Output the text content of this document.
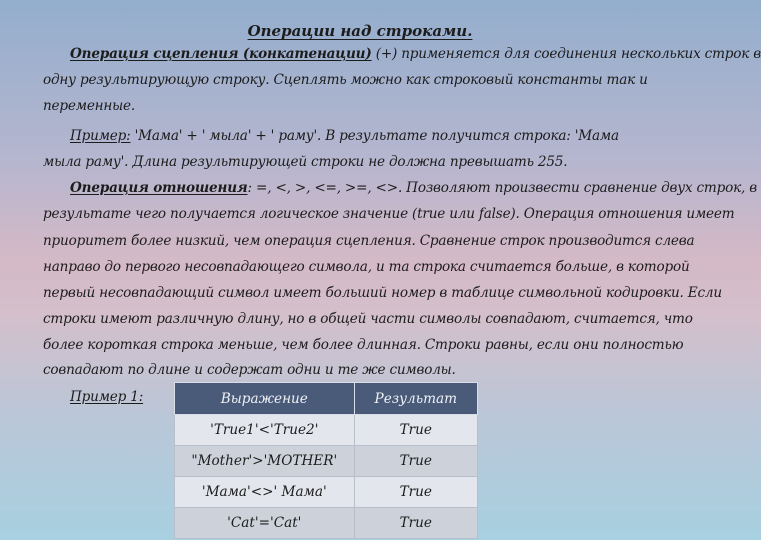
Операции над строками.
Операция сцепления (конкатенации) (+) применяется для соединения нескольких строк в
одну результирующую строку. Сцеплять можно как строковый константы так и
переменные.
Пример: 'Мама' + ' мыла' + ' раму'. В результате получится строка: 'Мама
мыла раму'. Длина результирующей строки не должна превышать 255.
Операция отношения: =, <, >, <=, >=, <>. Позволяют произвести сравнение двух строк, в
результате чего получается логическое значение (true или false). Операция отношения имеет
приоритет более низкий, чем операция сцепления. Сравнение строк производится слева
направо до первого несовпадающего символа, и та строка считается больше, в которой
первый несовпадающий символ имеет больший номер в таблице символьной кодировки. Если
строки имеют различную длину, но в общей части символы совпадают, считается, что
более короткая строка меньше, чем более длинная. Строки равны, если они полностью
совпадают по длине и содержат одни и те же символы.
Пример 1:	Выражение	Результат
'True1'<'True2'	True
"Mother'>'MOTHER'	True
'Мама'<>' Мама'	True
'Cat'='Cat'	True
